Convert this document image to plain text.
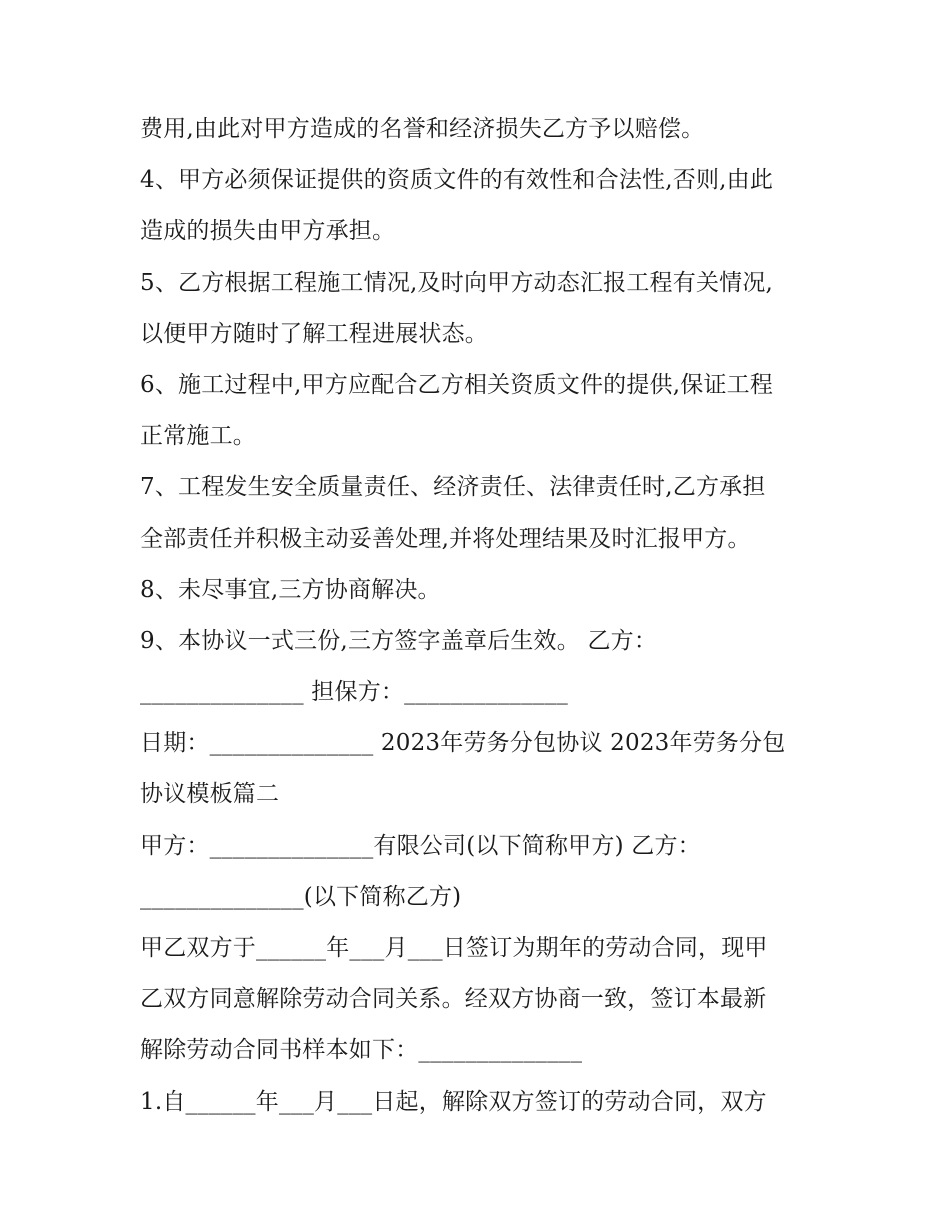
费用,由此对甲方造成的名誉和经济损失乙方予以赔偿。
4、甲方必须保证提供的资质文件的有效性和合法性,否则,由此
造成的损失由甲方承担。
5、乙方根据工程施工情况,及时向甲方动态汇报工程有关情况,
以便甲方随时了解工程进展状态。
6、施工过程中,甲方应配合乙方相关资质文件的提供,保证工程
正常施工。
7、工程发生安全质量责任、经济责任、法律责任时,乙方承担
全部责任并积极主动妥善处理,并将处理结果及时汇报甲方。
8、未尽事宜,三方协商解决。
9、本协议一式三份,三方签字盖章后生效。 乙方：
______________ 担保方：______________
日期：______________ 2023年劳务分包协议 2023年劳务分包
协议模板篇二
甲方：______________有限公司(以下简称甲方) 乙方：
______________(以下简称乙方)
甲乙双方于______年___月___日签订为期年的劳动合同，现甲
乙双方同意解除劳动合同关系。经双方协商一致，签订本最新
解除劳动合同书样本如下：______________
1.自______年___月___日起，解除双方签订的劳动合同，双方
